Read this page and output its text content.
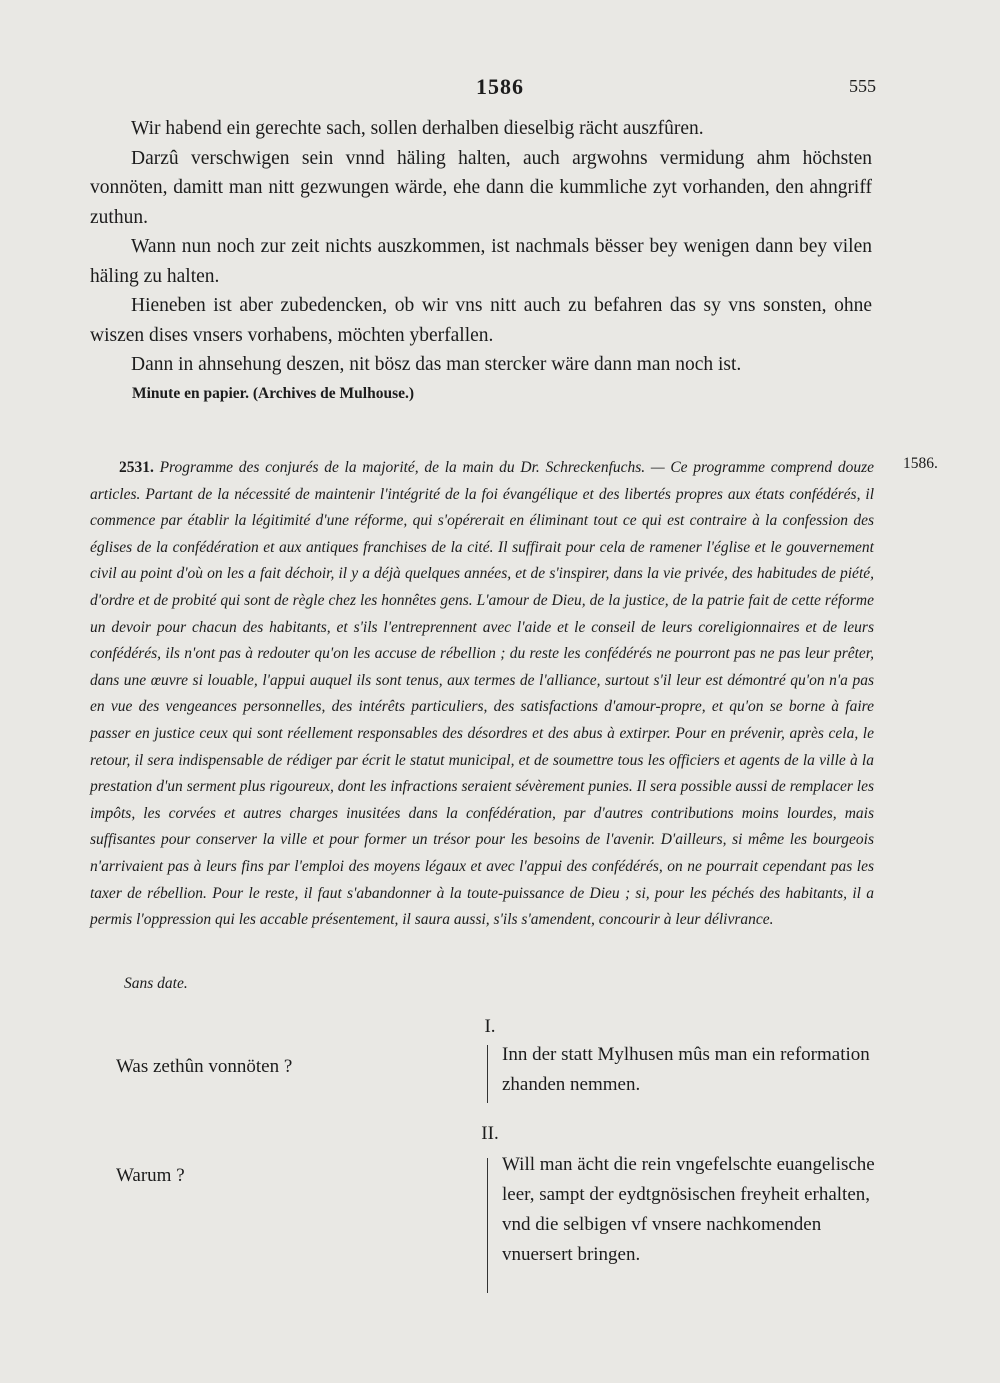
1586	555

Wir habend ein gerechte sach, sollen derhalben dieselbig rächt auszfûren.

Darzû verschwigen sein vnnd häling halten, auch argwohns vermidung ahm höchsten vonnöten, damitt man nitt gezwungen wärde, ehe dann die kummliche zyt vorhanden, den ahngriff zuthun.

Wann nun noch zur zeit nichts auszkommen, ist nachmals bësser bey wenigen dann bey vilen häling zu halten.

Hieneben ist aber zubedencken, ob wir vns nitt auch zu befahren das sy vns sonsten, ohne wiszen dises vnsers vorhabens, möchten yberfallen.

Dann in ahnsehung deszen, nit bösz das man stercker wäre dann man noch ist.

Minute en papier. (Archives de Mulhouse.)

2531. Programme des conjurés de la majorité, de la main du Dr. Schreckenfuchs. — Ce programme comprend douze articles. Partant de la nécessité de maintenir l'intégrité de la foi évangélique et des libertés propres aux états confédérés, il commence par établir la légitimité d'une réforme, qui s'opérerait en éliminant tout ce qui est contraire à la confession des églises de la confédération et aux antiques franchises de la cité. Il suffirait pour cela de ramener l'église et le gouvernement civil au point d'où on les a fait déchoir, il y a déjà quelques années, et de s'inspirer, dans la vie privée, des habitudes de piété, d'ordre et de probité qui sont de règle chez les honnêtes gens. L'amour de Dieu, de la justice, de la patrie fait de cette réforme un devoir pour chacun des habitants, et s'ils l'entreprennent avec l'aide et le conseil de leurs coreligionnaires et de leurs confédérés, ils n'ont pas à redouter qu'on les accuse de rébellion ; du reste les confédérés ne pourront pas ne pas leur prêter, dans une œuvre si louable, l'appui auquel ils sont tenus, aux termes de l'alliance, surtout s'il leur est démontré qu'on n'a pas en vue des vengeances personnelles, des intérêts particuliers, des satisfactions d'amour-propre, et qu'on se borne à faire passer en justice ceux qui sont réellement responsables des désordres et des abus à extirper. Pour en prévenir, après cela, le retour, il sera indispensable de rédiger par écrit le statut municipal, et de soumettre tous les officiers et agents de la ville à la prestation d'un serment plus rigoureux, dont les infractions seraient sévèrement punies. Il sera possible aussi de remplacer les impôts, les corvées et autres charges inusitées dans la confédération, par d'autres contributions moins lourdes, mais suffisantes pour conserver la ville et pour former un trésor pour les besoins de l'avenir. D'ailleurs, si même les bourgeois n'arrivaient pas à leurs fins par l'emploi des moyens légaux et avec l'appui des confédérés, on ne pourrait cependant pas les taxer de rébellion. Pour le reste, il faut s'abandonner à la toute-puissance de Dieu ; si, pour les péchés des habitants, il a permis l'oppression qui les accable présentement, il saura aussi, s'ils s'amendent, concourir à leur délivrance.

1586.
Sans date.
I.
Was zethûn vonnöten ?
Inn der statt Mylhusen mûs man ein reformation zhanden nemmen.
II.
Warum ?
Will man ächt die rein vngefelschte euangelische leer, sampt der eydtgnösischen freyheit erhalten, vnd die selbigen vf vnsere nachkomenden vnuersert bringen.
